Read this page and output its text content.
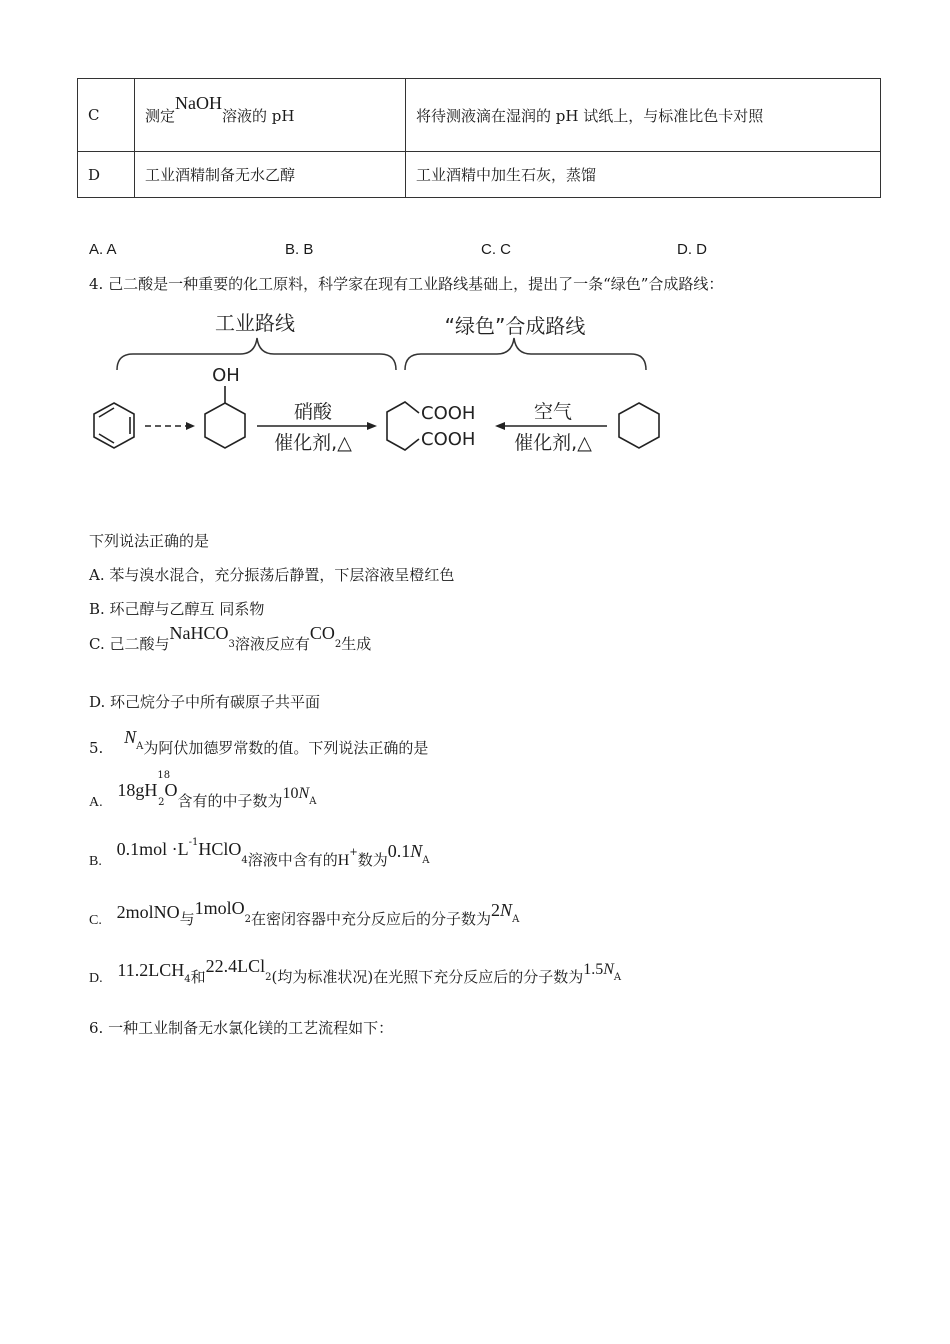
C	测定NaOH溶液的 pH	将待测液滴在湿润的 pH 试纸上，与标准比色卡对照
D	工业酒精制备无水乙醇	工业酒精中加生石灰，蒸馏
A. A	B. B	C. C	D. D
4. 己二酸是一种重要的化工原料，科学家在现有工业路线基础上，提出了一条“绿色”合成路线：
工业路线	“绿色”合成路线
OH
硝酸
催化剂,△
COOH
COOH
空气
催化剂,△
下列说法正确的是
A. 苯与溴水混合，充分振荡后静置，下层溶液呈橙红色
B. 环己醇与乙醇互 同系物
C. 己二酸与NaHCO$_3$溶液反应有$CO_2$生成
D. 环己烷分子中所有碳原子共平面
5. $N_A$为阿伏加德罗常数的值。下列说法正确的是
A. $18gH^{18}_2O$含有的中子数为$10N_A$
B. $0.1mol \cdot L^{-1}HClO_4$溶液中含有的H+数为$0.1N_A$
C. 2molNO与1molO$_2$在密闭容器中充分反应后的分子数为$2N_A$
D. $11.2LCH_4$和22.4LCl$_2$(均为标准状况)在光照下充分反应后的分子数为$1.5N_A$
6. 一种工业制备无水氯化镁的工艺流程如下：
